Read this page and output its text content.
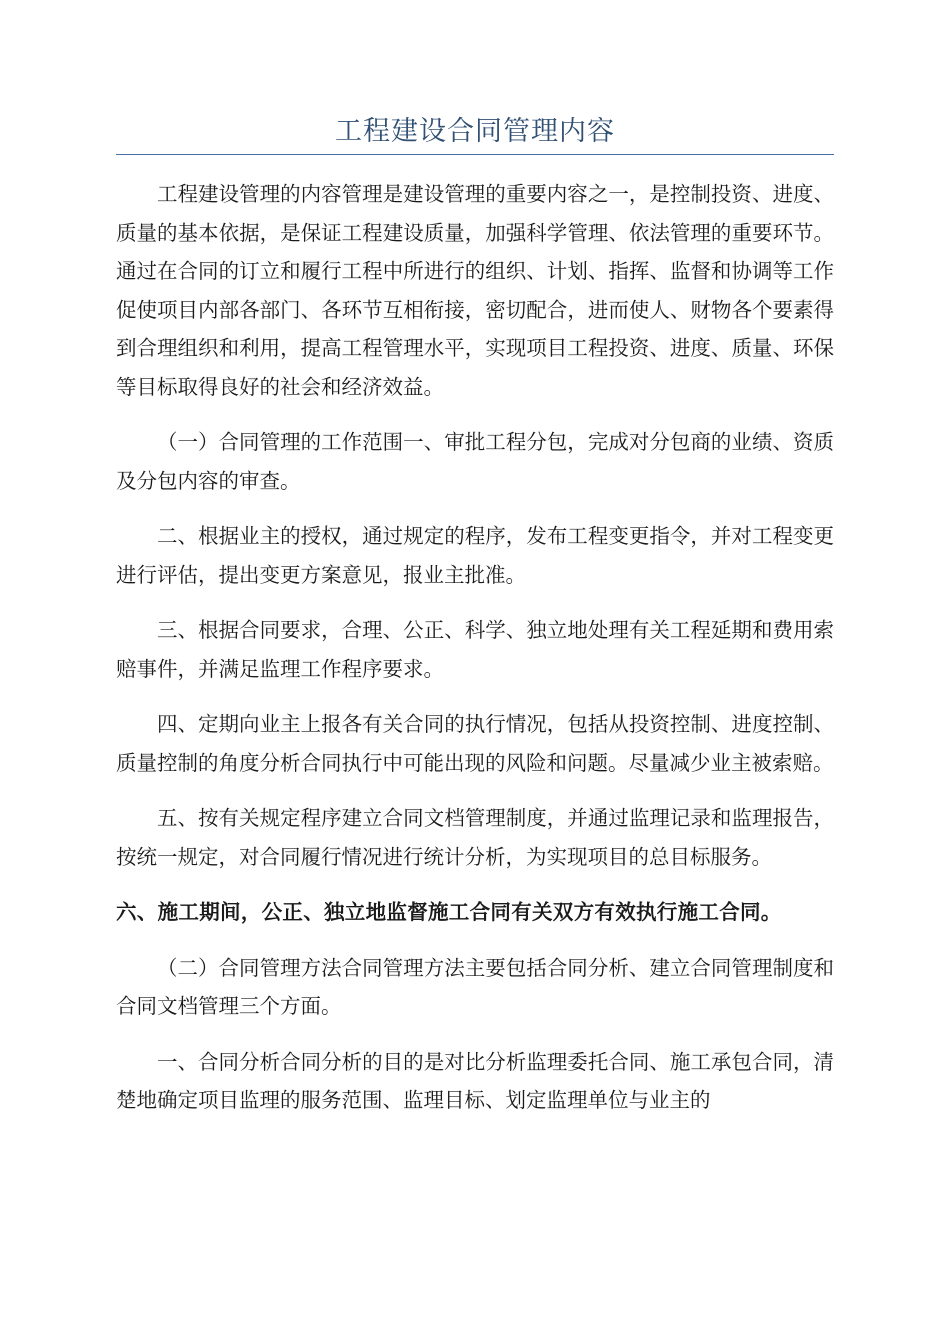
工程建设合同管理内容

工程建设管理的内容管理是建设管理的重要内容之一，是控制投资、进度、质量的基本依据，是保证工程建设质量，加强科学管理、依法管理的重要环节。通过在合同的订立和履行工程中所进行的组织、计划、指挥、监督和协调等工作促使项目内部各部门、各环节互相衔接，密切配合，进而使人、财物各个要素得到合理组织和利用，提高工程管理水平，实现项目工程投资、进度、质量、环保等目标取得良好的社会和经济效益。

（一）合同管理的工作范围一、审批工程分包，完成对分包商的业绩、资质及分包内容的审查。

二、根据业主的授权，通过规定的程序，发布工程变更指令，并对工程变更进行评估，提出变更方案意见，报业主批准。

三、根据合同要求，合理、公正、科学、独立地处理有关工程延期和费用索赔事件，并满足监理工作程序要求。

四、定期向业主上报各有关合同的执行情况，包括从投资控制、进度控制、质量控制的角度分析合同执行中可能出现的风险和问题。尽量减少业主被索赔。

五、按有关规定程序建立合同文档管理制度，并通过监理记录和监理报告，按统一规定，对合同履行情况进行统计分析，为实现项目的总目标服务。

六、施工期间，公正、独立地监督施工合同有关双方有效执行施工合同。

（二）合同管理方法合同管理方法主要包括合同分析、建立合同管理制度和合同文档管理三个方面。

一、合同分析合同分析的目的是对比分析监理委托合同、施工承包合同，清楚地确定项目监理的服务范围、监理目标、划定监理单位与业主的
